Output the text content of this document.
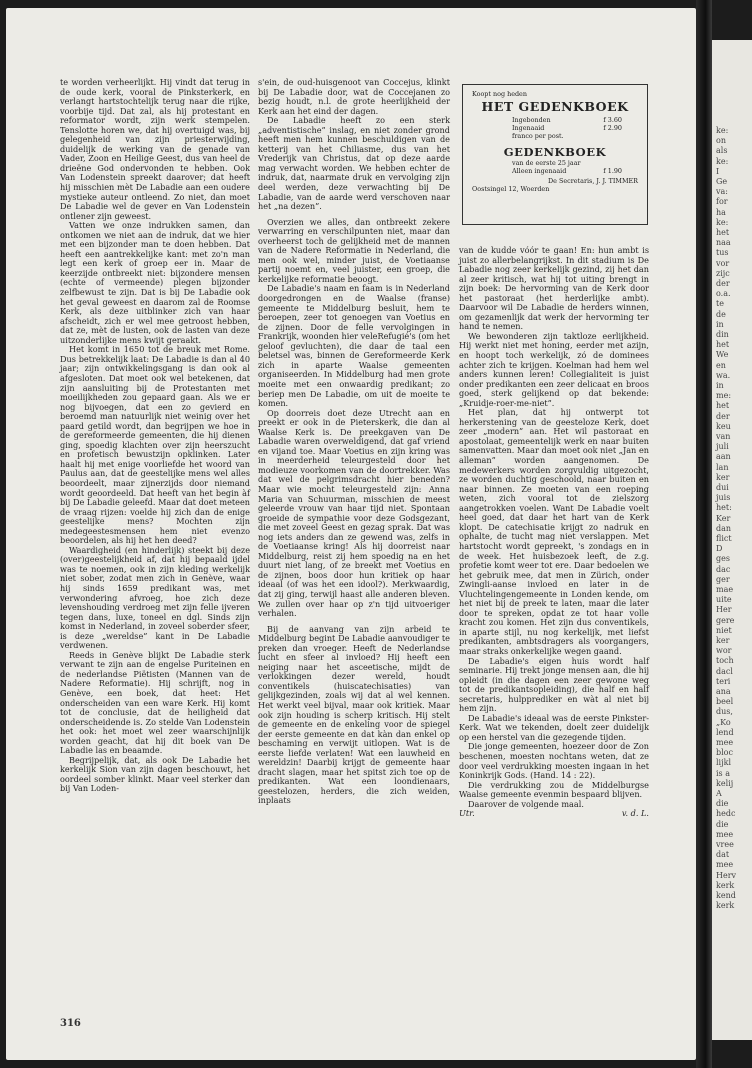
te worden verheerlijkt. Hij vindt dat terug in de oude kerk, vooral de Pinksterkerk, en verlangt hartstochtelijk terug naar die rijke, voorbije tijd. Dat zal, als hij protestant en reformator wordt, zijn werk stempelen. Tenslotte horen we, dat hij overtuigd was, bij gelegenheid van zijn priesterwijding, duidelijk de werking van de genade van Vader, Zoon en Heilige Geest, dus van heel de drieëne God ondervonden te hebben. Ook Van Lodenstein spreekt daarover; dat heeft hij misschien mèt De Labadie aan een oudere mystieke auteur ontleend. Zo niet, dan moet De Labadie wel de gever en Van Lodenstein ontlener zijn geweest.

Vatten we onze indrukken samen, dan ontkomen we niet aan de indruk, dat we hier met een bijzonder man te doen hebben. Dat heeft een aantrekkelijke kant: met zo'n man legt een kerk of groep eer in. Maar de keerzijde ontbreekt niet: bijzondere mensen (echte of vermeende) plegen bijzonder zelfbewust te zijn. Dat is bij De Labadie ook het geval geweest en daarom zal de Roomse Kerk, als deze uitblinker zich van haar afscheidt, zich er wel mee getroost hebben, dat ze, mèt de lusten, ook de lasten van deze uitzonderlijke mens kwijt geraakt.

Het komt in 1650 tot de breuk met Rome. Dus betrekkelijk laat: De Labadie is dan al 40 jaar; zijn ontwikkelingsgang is dan ook al afgesloten. Dat moet ook wel betekenen, dat zijn aansluiting bij de Protestanten met moeilijkheden zou gepaard gaan. Als we er nog bijvoegen, dat een zo gevierd en beroemd man natuurlijk niet weinig over het paard getild wordt, dan begrijpen we hoe in de gereformeerde gemeenten, die hij dienen ging, spoedig klachten over zijn heerszucht en profetisch bewustzijn opklinken. Later haalt hij met enige voorliefde het woord van Paulus aan, dat de geestelijke mens wel alles beoordeelt, maar zijnerzijds door niemand wordt geoordeeld. Dat heeft van het begin àf bij De Labadie geleefd. Maar dat doet meteen de vraag rijzen: voelde hij zich dan de enige geestelijke mens? Mochten zijn medegeestesmensen hem niet evenzo beoordelen, als hij het hen deed?

Waardigheid (en hinderlijk) steekt bij deze (over)geestelijkheid af, dat hij bepaald ijdel was te noemen, ook in zijn kleding werkelijk niet sober, zodat men zich in Genève, waar hij sinds 1659 predikant was, met verwondering afvroeg, hoe zich deze levenshouding verdroeg met zijn felle ijveren tegen dans, luxe, toneel en dgl. Sinds zijn komst in Nederland, in zoveel soberder sfeer, is deze „wereldse” kant in De Labadie verdwenen.

Reeds in Genève blijkt De Labadie sterk verwant te zijn aan de engelse Puriteinen en de nederlandse Piëtisten (Mannen van de Nadere Reformatie). Hij schrijft, nog in Genève, een boek, dat heet: Het onderscheiden van een ware Kerk. Hij komt tot de conclusie, dat de heiligheid dat onderscheidende is. Zo stelde Van Lodenstein het ook: het moet wel zeer waarschijnlijk worden geacht, dat hij dit boek van De Labadie las en beaamde.

Begrijpelijk, dat, als ook De Labadie het kerkelijk Sion van zijn dagen beschouwt, het oordeel somber klinkt. Maar veel sterker dan bij Van Loden-

s'ein, de oud-huisgenoot van Coccejus, klinkt bij De Labadie door, wat de Coccejanen zo bezig houdt, n.l. de grote heerlijkheid der Kerk aan het eind der dagen.

De Labadie heeft zo een sterk „adventistische” inslag, en niet zonder grond heeft men hem kunnen beschuldigen van de ketterij van het Chiliasme, dus van het Vrederijk van Christus, dat op deze aarde mag verwacht worden. We hebben echter de indruk, dat, naarmate druk en vervolging zijn deel werden, deze verwachting bij De Labadie, van de aarde werd verschoven naar het „na dezen”.

Overzien we alles, dan ontbreekt zekere verwarring en verschilpunten niet, maar dan overheerst toch de gelijkheid met de mannen van de Nadere Reformatie in Nederland, die men ook wel, minder juist, de Voetiaanse partij noemt en, veel juister, een groep, die kerkelijke reformatie beoogt.

De Labadie's naam en faam is in Nederland doorgedrongen en de Waalse (franse) gemeente te Middelburg besluit, hem te beroepen, zeer tot genoegen van Voetius en de zijnen. Door de felle vervolgingen in Frankrijk, woonden hier veleRefugié's (om het geloof gevluchten), die daar de taal een beletsel was, binnen de Gereformeerde Kerk zich in aparte Waalse gemeenten organiseerden. In Middelburg had men grote moeite met een onwaardig predikant; zo beriep men De Labadie, om uit de moeite te komen.

Op doorreis doet deze Utrecht aan en preekt er ook in de Pieterskerk, die dan al Waalse Kerk is. De preekgaven van De Labadie waren overweldigend, dat gaf vriend en vijand toe. Maar Voetius en zijn kring was in meerderheid teleurgesteld door het modieuze voorkomen van de doortrekker. Was dat wel de pelgrimsdracht hier beneden? Maar wie mocht teleurgesteld zijn: Anna Maria van Schuurman, misschien de meest geleerde vrouw van haar tijd niet. Spontaan groeide de sympathie voor deze Godsgezant, die met zoveel Geest en gezag sprak. Dat was nog iets anders dan ze gewend was, zelfs in de Voetiaanse kring! Als hij doorreist naar Middelburg, reist zij hem spoedig na en het duurt niet lang, of ze breekt met Voetius en de zijnen, boos door hun kritiek op haar ideaal (of was het een idool?). Merkwaardig, dat zij ging, terwijl haast alle anderen bleven. We zullen over haar op z'n tijd uitvoeriger verhalen.

Bij de aanvang van zijn arbeid te Middelburg begint De Labadie aanvoudiger te preken dan vroeger. Heeft de Nederlandse lucht en sfeer al invloed? Hij heeft een neiging naar het asceetische, mijdt de verlokkingen dezer wereld, houdt conventikels (huiscatechisaties) van gelijkgezinden, zoals wij dat al wel kennen. Het werkt veel bijval, maar ook kritiek. Maar ook zijn houding is scherp kritisch. Hij stelt de gemeente en de enkeling voor de spiegel der eerste gemeente en dat kàn dan enkel op beschaming en verwijt uitlopen. Wat is de eerste liefde verlaten! Wat een lauwheid en wereldzin! Daarbij krijgt de gemeente haar dracht slagen, maar het spitst zich toe op de predikanten. Wat een loondienaars, geestelozen, herders, die zich weiden, inplaats

Koopt nog heden
HET GEDENKBOEK
Ingebonden	f 3.60
Ingenaaid	f 2.90
franco per post.
GEDENKBOEK
van de eerste 25 jaar
Alleen ingenaaid	f 1.90
De Secretaris, J. J. TIMMER
Oostsingel 12, Woerden

van de kudde vóór te gaan! En: hun ambt is juist zo allerbelangrijkst. In dit stadium is De Labadie nog zeer kerkelijk gezind, zij het dan al zeer kritisch, wat hij tot uiting brengt in zijn boek: De hervorming van de Kerk door het pastoraat (het herderlijke ambt). Daarvoor wil De Labadie de herders winnen, om gezamenlijk dat werk der hervorming ter hand te nemen.

We bewonderen zijn taktloze eerlijkheid. Hij werkt niet met honing, eerder met azijn, en hoopt toch werkelijk, zó de dominees achter zich te krijgen. Koelman had hem wel anders kunnen leren! Collegialiteit is juist onder predikanten een zeer delicaat en broos goed, sterk gelijkend op dat bekende: „Kruidje-roer-me-niet”.

Het plan, dat hij ontwerpt tot herkerstening van de geesteloze Kerk, doet zeer „modern” aan. Het wil pastoraat en apostolaat, gemeentelijk werk en naar buiten samenvatten. Maar dan moet ook niet „Jan en alleman” worden aangenomen. De medewerkers worden zorgvuldig uitgezocht, ze worden duchtig geschoold, naar buiten en naar binnen. Ze moeten van een roeping weten, zich vooral tot de zielszorg aangetrokken voelen. Want De Labadie voelt heel goed, dat daar het hart van de Kerk klopt. De catechisatie krijgt zo nadruk en ophalte, de tucht mag niet verslappen. Met hartstocht wordt gepreekt, 's zondags en in de week. Het huisbezoek leeft, de z.g. profetie komt weer tot ere. Daar bedoelen we het gebruik mee, dat men in Zürich, onder Zwingli-aanse invloed en later in de Vluchtelingengemeente in Londen kende, om het niet bij de preek te laten, maar die later door te spreken, opdat ze tot haar volle kracht zou komen. Het zijn dus conventikels, in aparte stijl, nu nog kerkelijk, met liefst predikanten, ambtsdragers als voorgangers, maar straks onkerkelijke wegen gaand.

De Labadie's eigen huis wordt half seminarie. Hij trekt jonge mensen aan, die hij opleidt (in die dagen een zeer gewone weg tot de predikantsopleiding), die half en half secretaris, hulpprediker en wàt al niet bij hem zijn.

De Labadie's ideaal was de eerste Pinkster-Kerk. Wat we tekenden, doelt zeer duidelijk op een herstel van die gezegende tijden.

Die jonge gemeenten, hoezeer door de Zon beschenen, moesten nochtans weten, dat ze door veel verdrukking moesten ingaan in het Koninkrijk Gods. (Hand. 14 : 22).

Die verdrukking zou de Middelburgse Waalse gemeente evenmin bespaard blijven.

Daarover de volgende maal.

Utr.	v. d. L.
316
ke:
on
als
ke:
I
Ge
va:
for
ha
ke:
het
naa
tus
vor
zijc
der
o.a.
te
de
in
din
het
We
en
wa.
in
me:
het
der
keu
van
juli
aan
lan
ker
dui
juis
het:
Ker
dan
flict
D
ges
dac
ger
mae
uite
Her
gere
niet
ker
wor
toch
dacl
teri
ana
beel
dus,
„Ko
lend
mee
bloc
lijkl
is a
kelij
A
die
hedc
die
mee
vree
dat
mee
Herv
kerk
kend
kerk
